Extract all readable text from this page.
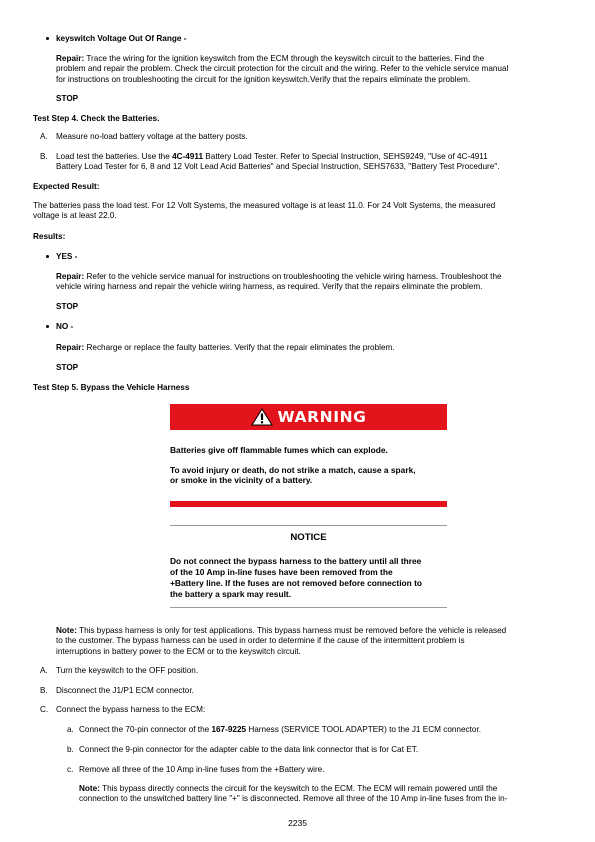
keyswitch Voltage Out Of Range -
Repair: Trace the wiring for the ignition keyswitch from the ECM through the keyswitch circuit to the batteries. Find the
problem and repair the problem. Check the circuit protection for the circuit and the wiring. Refer to the vehicle service manual
for instructions on troubleshooting the circuit for the ignition keyswitch.Verify that the repairs eliminate the problem.
STOP
Test Step 4. Check the Batteries.
A. Measure no-load battery voltage at the battery posts.
B. Load test the batteries. Use the 4C-4911 Battery Load Tester. Refer to Special Instruction, SEHS9249, "Use of 4C-4911
Battery Load Tester for 6, 8 and 12 Volt Lead Acid Batteries" and Special Instruction, SEHS7633, "Battery Test Procedure".
Expected Result:
The batteries pass the load test. For 12 Volt Systems, the measured voltage is at least 11.0. For 24 Volt Systems, the measured
voltage is at least 22.0.
Results:
YES -
Repair: Refer to the vehicle service manual for instructions on troubleshooting the vehicle wiring harness. Troubleshoot the
vehicle wiring harness and repair the vehicle wiring harness, as required. Verify that the repairs eliminate the problem.
STOP
NO -
Repair: Recharge or replace the faulty batteries. Verify that the repair eliminates the problem.
STOP
Test Step 5. Bypass the Vehicle Harness
WARNING
Batteries give off flammable fumes which can explode.
To avoid injury or death, do not strike a match, cause a spark,
or smoke in the vicinity of a battery.
NOTICE
Do not connect the bypass harness to the battery until all three
of the 10 Amp in-line fuses have been removed from the
+Battery line. If the fuses are not removed before connection to
the battery a spark may result.
Note: This bypass harness is only for test applications. This bypass harness must be removed before the vehicle is released
to the customer. The bypass harness can be used in order to determine if the cause of the intermittent problem is
interruptions in battery power to the ECM or to the keyswitch circuit.
A. Turn the keyswitch to the OFF position.
B. Disconnect the J1/P1 ECM connector.
C. Connect the bypass harness to the ECM:
a. Connect the 70-pin connector of the 167-9225 Harness (SERVICE TOOL ADAPTER) to the J1 ECM connector.
b. Connect the 9-pin connector for the adapter cable to the data link connector that is for Cat ET.
c. Remove all three of the 10 Amp in-line fuses from the +Battery wire.
Note: This bypass directly connects the circuit for the keyswitch to the ECM. The ECM will remain powered until the
connection to the unswitched battery line "+" is disconnected. Remove all three of the 10 Amp in-line fuses from the in-
2235
